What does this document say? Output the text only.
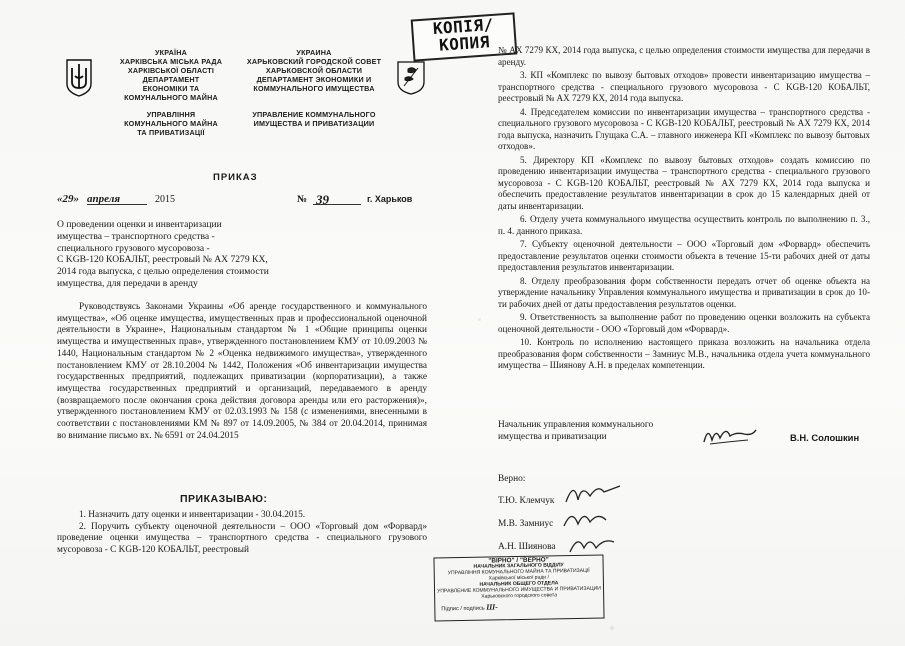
УКРАЇНА
ХАРКІВСЬКА МІСЬКА РАДА
ХАРКІВСЬКОЇ ОБЛАСТІ
ДЕПАРТАМЕНТ
ЕКОНОМІКИ ТА
КОМУНАЛЬНОГО МАЙНА
УПРАВЛІННЯ
КОМУНАЛЬНОГО МАЙНА
ТА ПРИВАТИЗАЦІЇ
УКРАИНА
ХАРЬКОВСКИЙ ГОРОДСКОЙ СОВЕТ
ХАРЬКОВСКОЙ ОБЛАСТИ
ДЕПАРТАМЕНТ ЭКОНОМИКИ И
КОММУНАЛЬНОГО ИМУЩЕСТВА
УПРАВЛЕНИЕ КОММУНАЛЬНОГО
ИМУЩЕСТВА И ПРИВАТИЗАЦИИ
КОПІЯ/
КОПИЯ
ПРИКАЗ
«29» апреля	2015	№ 39	г. Харьков
О проведении оценки и инвентаризации
имущества – транспортного средства -
специального грузового мусоровоза -
С KGB-120 КОБАЛЬТ, реестровый № АХ 7279 КХ,
2014 года выпуска, с целью определения стоимости
имущества, для передачи в аренду

Руководствуясь Законами Украины «Об аренде государственного и коммунального имущества», «Об оценке имущества, имущественных прав и профессиональной оценочной деятельности в Украине», Национальным стандартом № 1 «Общие принципы оценки имущества и имущественных прав», утвержденного постановлением КМУ от 10.09.2003 № 1440, Национальным стандартом № 2 «Оценка недвижимого имущества», утвержденного постановлением КМУ от 28.10.2004 № 1442, Положения «Об инвентаризации имущества государственных предприятий, подлежащих приватизации (корпоратизации), а также имущества государственных предприятий и организаций, передаваемого в аренду (возвращаемого после окончания срока действия договора аренды или его расторжения)», утвержденного постановлением КМУ от 02.03.1993 № 158 (с изменениями, внесенными в соответствии с постановлениями КМ № 897 от 14.09.2005, № 384 от 20.04.2014, принимая во внимание письмо вх. № 6591 от 24.04.2015

ПРИКАЗЫВАЮ:

1. Назначить дату оценки и инвентаризации - 30.04.2015.

2. Поручить субъекту оценочной деятельности – ООО «Торговый дом «Форвард» проведение оценки имущества – транспортного средства - специального грузового мусоровоза - С KGB-120 КОБАЛЬТ, реестровый

№ АХ 7279 КХ, 2014 года выпуска, с целью определения стоимости имущества для передачи в аренду.

3. КП «Комплекс по вывозу бытовых отходов» провести инвентаризацию имущества – транспортного средства - специального грузового мусоровоза - С KGB-120 КОБАЛЬТ, реестровый № АХ 7279 КХ, 2014 года выпуска.

4. Председателем комиссии по инвентаризации имущества – транспортного средства - специального грузового мусоровоза - С KGB-120 КОБАЛЬТ, реестровый № АХ 7279 КХ, 2014 года выпуска, назначить Глущака С.А. – главного инженера КП «Комплекс по вывозу бытовых отходов».

5. Директору КП «Комплекс по вывозу бытовых отходов» создать комиссию по проведению инвентаризации имущества – транспортного средства - специального грузового мусоровоза - С KGB-120 КОБАЛЬТ, реестровый № АХ 7279 КХ, 2014 года выпуска и обеспечить предоставление результатов инвентаризации в срок до 15 календарных дней от даты инвентаризации.

6. Отделу учета коммунального имущества осуществить контроль по выполнению п. 3., п. 4. данного приказа.

7. Субъекту оценочной деятельности – ООО «Торговый дом «Форвард» обеспечить предоставление результатов оценки стоимости объекта в течение 15-ти рабочих дней от даты предоставления результатов инвентаризации.

8. Отделу преобразования форм собственности передать отчет об оценке объекта на утверждение начальнику Управления коммунального имущества и приватизации в срок до 10-ти рабочих дней от даты предоставления результатов оценки.

9. Ответственность за выполнение работ по проведению оценки возложить на субъекта оценочной деятельности - ООО «Торговый дом «Форвард».

10. Контроль по исполнению настоящего приказа возложить на начальника отдела преобразования форм собственности – Замниус М.В., начальника отдела учета коммунального имущества – Шиянову А.Н. в пределах компетенции.

Начальник управления коммунального
имущества и приватизации	В.Н. Солошкин
Верно:
Т.Ю. Клемчук
М.В. Замниус
А.Н. Шиянова
"ВІРНО" / "ВЕРНО"
НАЧАЛЬНИК ЗАГАЛЬНОГО ВІДДІЛУ
УПРАВЛІННЯ КОМУНАЛЬНОГО МАЙНА ТА ПРИВАТИЗАЦІЇ
Харківської міської ради /
НАЧАЛЬНИК ОБЩЕГО ОТДЕЛА
УПРАВЛЕНИЕ КОММУНАЛЬНОГО ИМУЩЕСТВА И ПРИВАТИЗАЦИИ
Харьковского городского совета
Підпис / подпись Ш-
